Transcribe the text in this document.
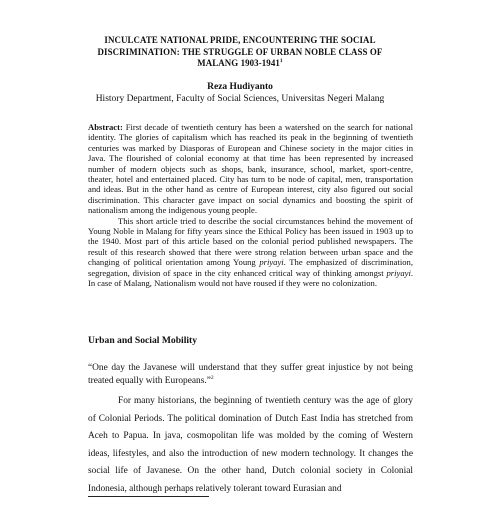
INCULCATE NATIONAL PRIDE, ENCOUNTERING THE SOCIAL
DISCRIMINATION: THE STRUGGLE OF URBAN NOBLE CLASS OF
MALANG 1903-1941$^1$
Reza Hudiyanto
History Department, Faculty of Social Sciences, Universitas Negeri Malang

Abstract: First decade of twentieth century has been a watershed on the search for national identity. The glories of capitalism which has reached its peak in the beginning of twentieth centuries was marked by Diasporas of European and Chinese society in the major cities in Java. The flourished of colonial economy at that time has been represented by increased number of modern objects such as shops, bank, insurance, school, market, sport-centre, theater, hotel and entertained placed. City has turn to be node of capital, men, transportation and ideas. But in the other hand as centre of European interest, city also figured out social discrimination. This character gave impact on social dynamics and boosting the spirit of nationalism among the indigenous young people.

This short article tried to describe the social circumstances behind the movement of Young Noble in Malang for fifty years since the Ethical Policy has been issued in 1903 up to the 1940. Most part of this article based on the colonial period published newspapers. The result of this research showed that there were strong relation between urban space and the changing of political orientation among Young priyayi. The emphasized of discrimination, segregation, division of space in the city enhanced critical way of thinking amongst priyayi. In case of Malang, Nationalism would not have roused if they were no colonization.

Urban and Social Mobility
“One day the Javanese will understand that they suffer great injustice by not being treated equally with Europeans.”$^2$
For many historians, the beginning of twentieth century was the age of glory of Colonial Periods. The political domination of Dutch East India has stretched from Aceh to Papua. In java, cosmopolitan life was molded by the coming of Western ideas, lifestyles, and also the introduction of new modern technology. It changes the social life of Javanese. On the other hand, Dutch colonial society in Colonial Indonesia, although perhaps relatively tolerant toward Eurasian and
